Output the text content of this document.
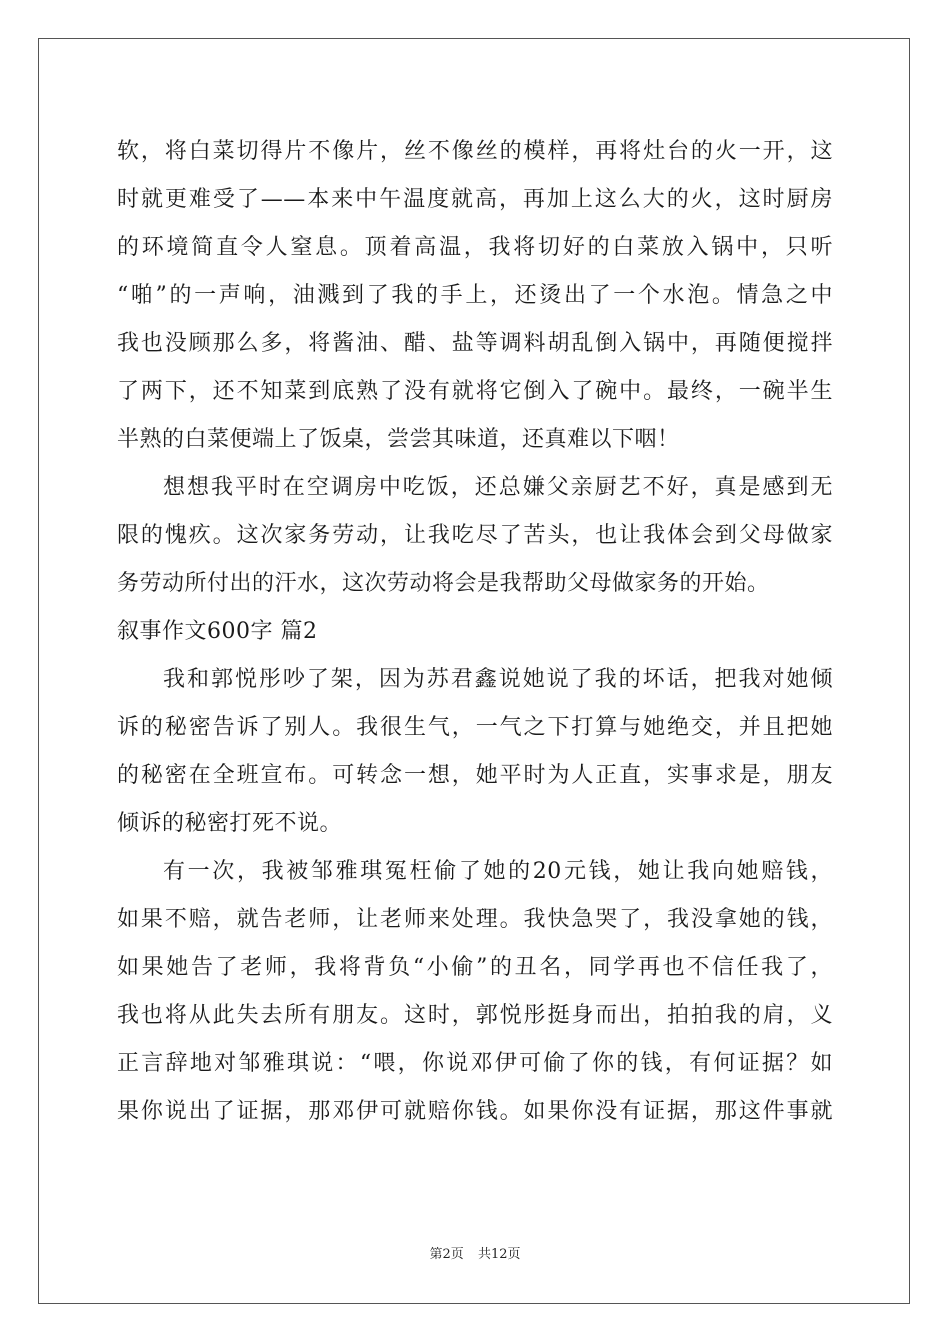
软，将白菜切得片不像片，丝不像丝的模样，再将灶台的火一开，这
时就更难受了——本来中午温度就高，再加上这么大的火，这时厨房
的环境简直令人窒息。顶着高温，我将切好的白菜放入锅中，只听
“啪”的一声响，油溅到了我的手上，还烫出了一个水泡。情急之中
我也没顾那么多，将酱油、醋、盐等调料胡乱倒入锅中，再随便搅拌
了两下，还不知菜到底熟了没有就将它倒入了碗中。最终，一碗半生
半熟的白菜便端上了饭桌，尝尝其味道，还真难以下咽！
想想我平时在空调房中吃饭，还总嫌父亲厨艺不好，真是感到无
限的愧疚。这次家务劳动，让我吃尽了苦头，也让我体会到父母做家
务劳动所付出的汗水，这次劳动将会是我帮助父母做家务的开始。
叙事作文600字 篇2
我和郭悦彤吵了架，因为苏君鑫说她说了我的坏话，把我对她倾
诉的秘密告诉了别人。我很生气，一气之下打算与她绝交，并且把她
的秘密在全班宣布。可转念一想，她平时为人正直，实事求是，朋友
倾诉的秘密打死不说。
有一次，我被邹雅琪冤枉偷了她的20元钱，她让我向她赔钱，
如果不赔，就告老师，让老师来处理。我快急哭了，我没拿她的钱，
如果她告了老师，我将背负“小偷”的丑名，同学再也不信任我了，
我也将从此失去所有朋友。这时，郭悦彤挺身而出，拍拍我的肩，义
正言辞地对邹雅琪说：“喂，你说邓伊可偷了你的钱，有何证据？如
果你说出了证据，那邓伊可就赔你钱。如果你没有证据，那这件事就
第2页 共12页
